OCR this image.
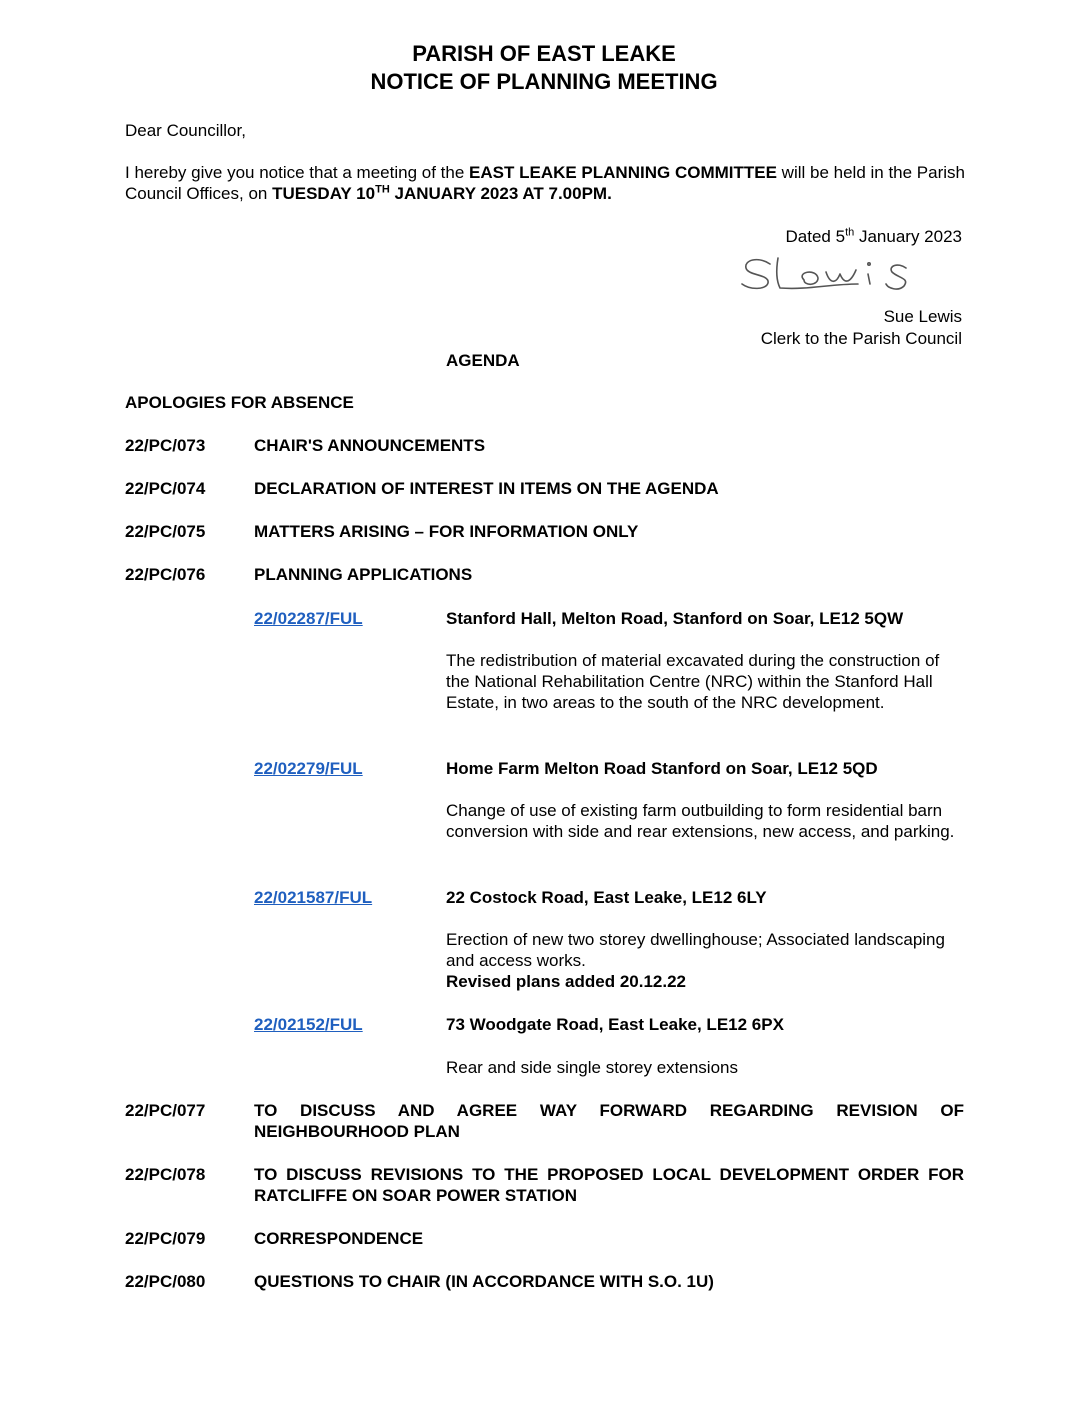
PARISH OF EAST LEAKE
NOTICE OF PLANNING MEETING
Dear Councillor,
I hereby give you notice that a meeting of the EAST LEAKE PLANNING COMMITTEE will be held in the Parish Council Offices, on TUESDAY 10TH JANUARY 2023 AT 7.00PM.
Dated 5th January 2023
Sue Lewis
Clerk to the Parish Council
AGENDA
APOLOGIES FOR ABSENCE
22/PC/073	CHAIR'S ANNOUNCEMENTS
22/PC/074	DECLARATION OF INTEREST IN ITEMS ON THE AGENDA
22/PC/075	MATTERS ARISING – FOR INFORMATION ONLY
22/PC/076	PLANNING APPLICATIONS
22/02287/FUL	Stanford Hall, Melton Road, Stanford on Soar, LE12 5QW
The redistribution of material excavated during the construction of the National Rehabilitation Centre (NRC) within the Stanford Hall Estate, in two areas to the south of the NRC development.
22/02279/FUL	Home Farm Melton Road Stanford on Soar, LE12 5QD
Change of use of existing farm outbuilding to form residential barn conversion with side and rear extensions, new access, and parking.
22/021587/FUL	22 Costock Road, East Leake, LE12 6LY
Erection of new two storey dwellinghouse; Associated landscaping and access works.
Revised plans added 20.12.22
22/02152/FUL	73 Woodgate Road, East Leake, LE12 6PX
Rear and side single storey extensions
22/PC/077	TO DISCUSS AND AGREE WAY FORWARD REGARDING REVISION OF NEIGHBOURHOOD PLAN
22/PC/078	TO DISCUSS REVISIONS TO THE PROPOSED LOCAL DEVELOPMENT ORDER FOR RATCLIFFE ON SOAR POWER STATION
22/PC/079	CORRESPONDENCE
22/PC/080	QUESTIONS TO CHAIR (IN ACCORDANCE WITH S.O. 1U)
